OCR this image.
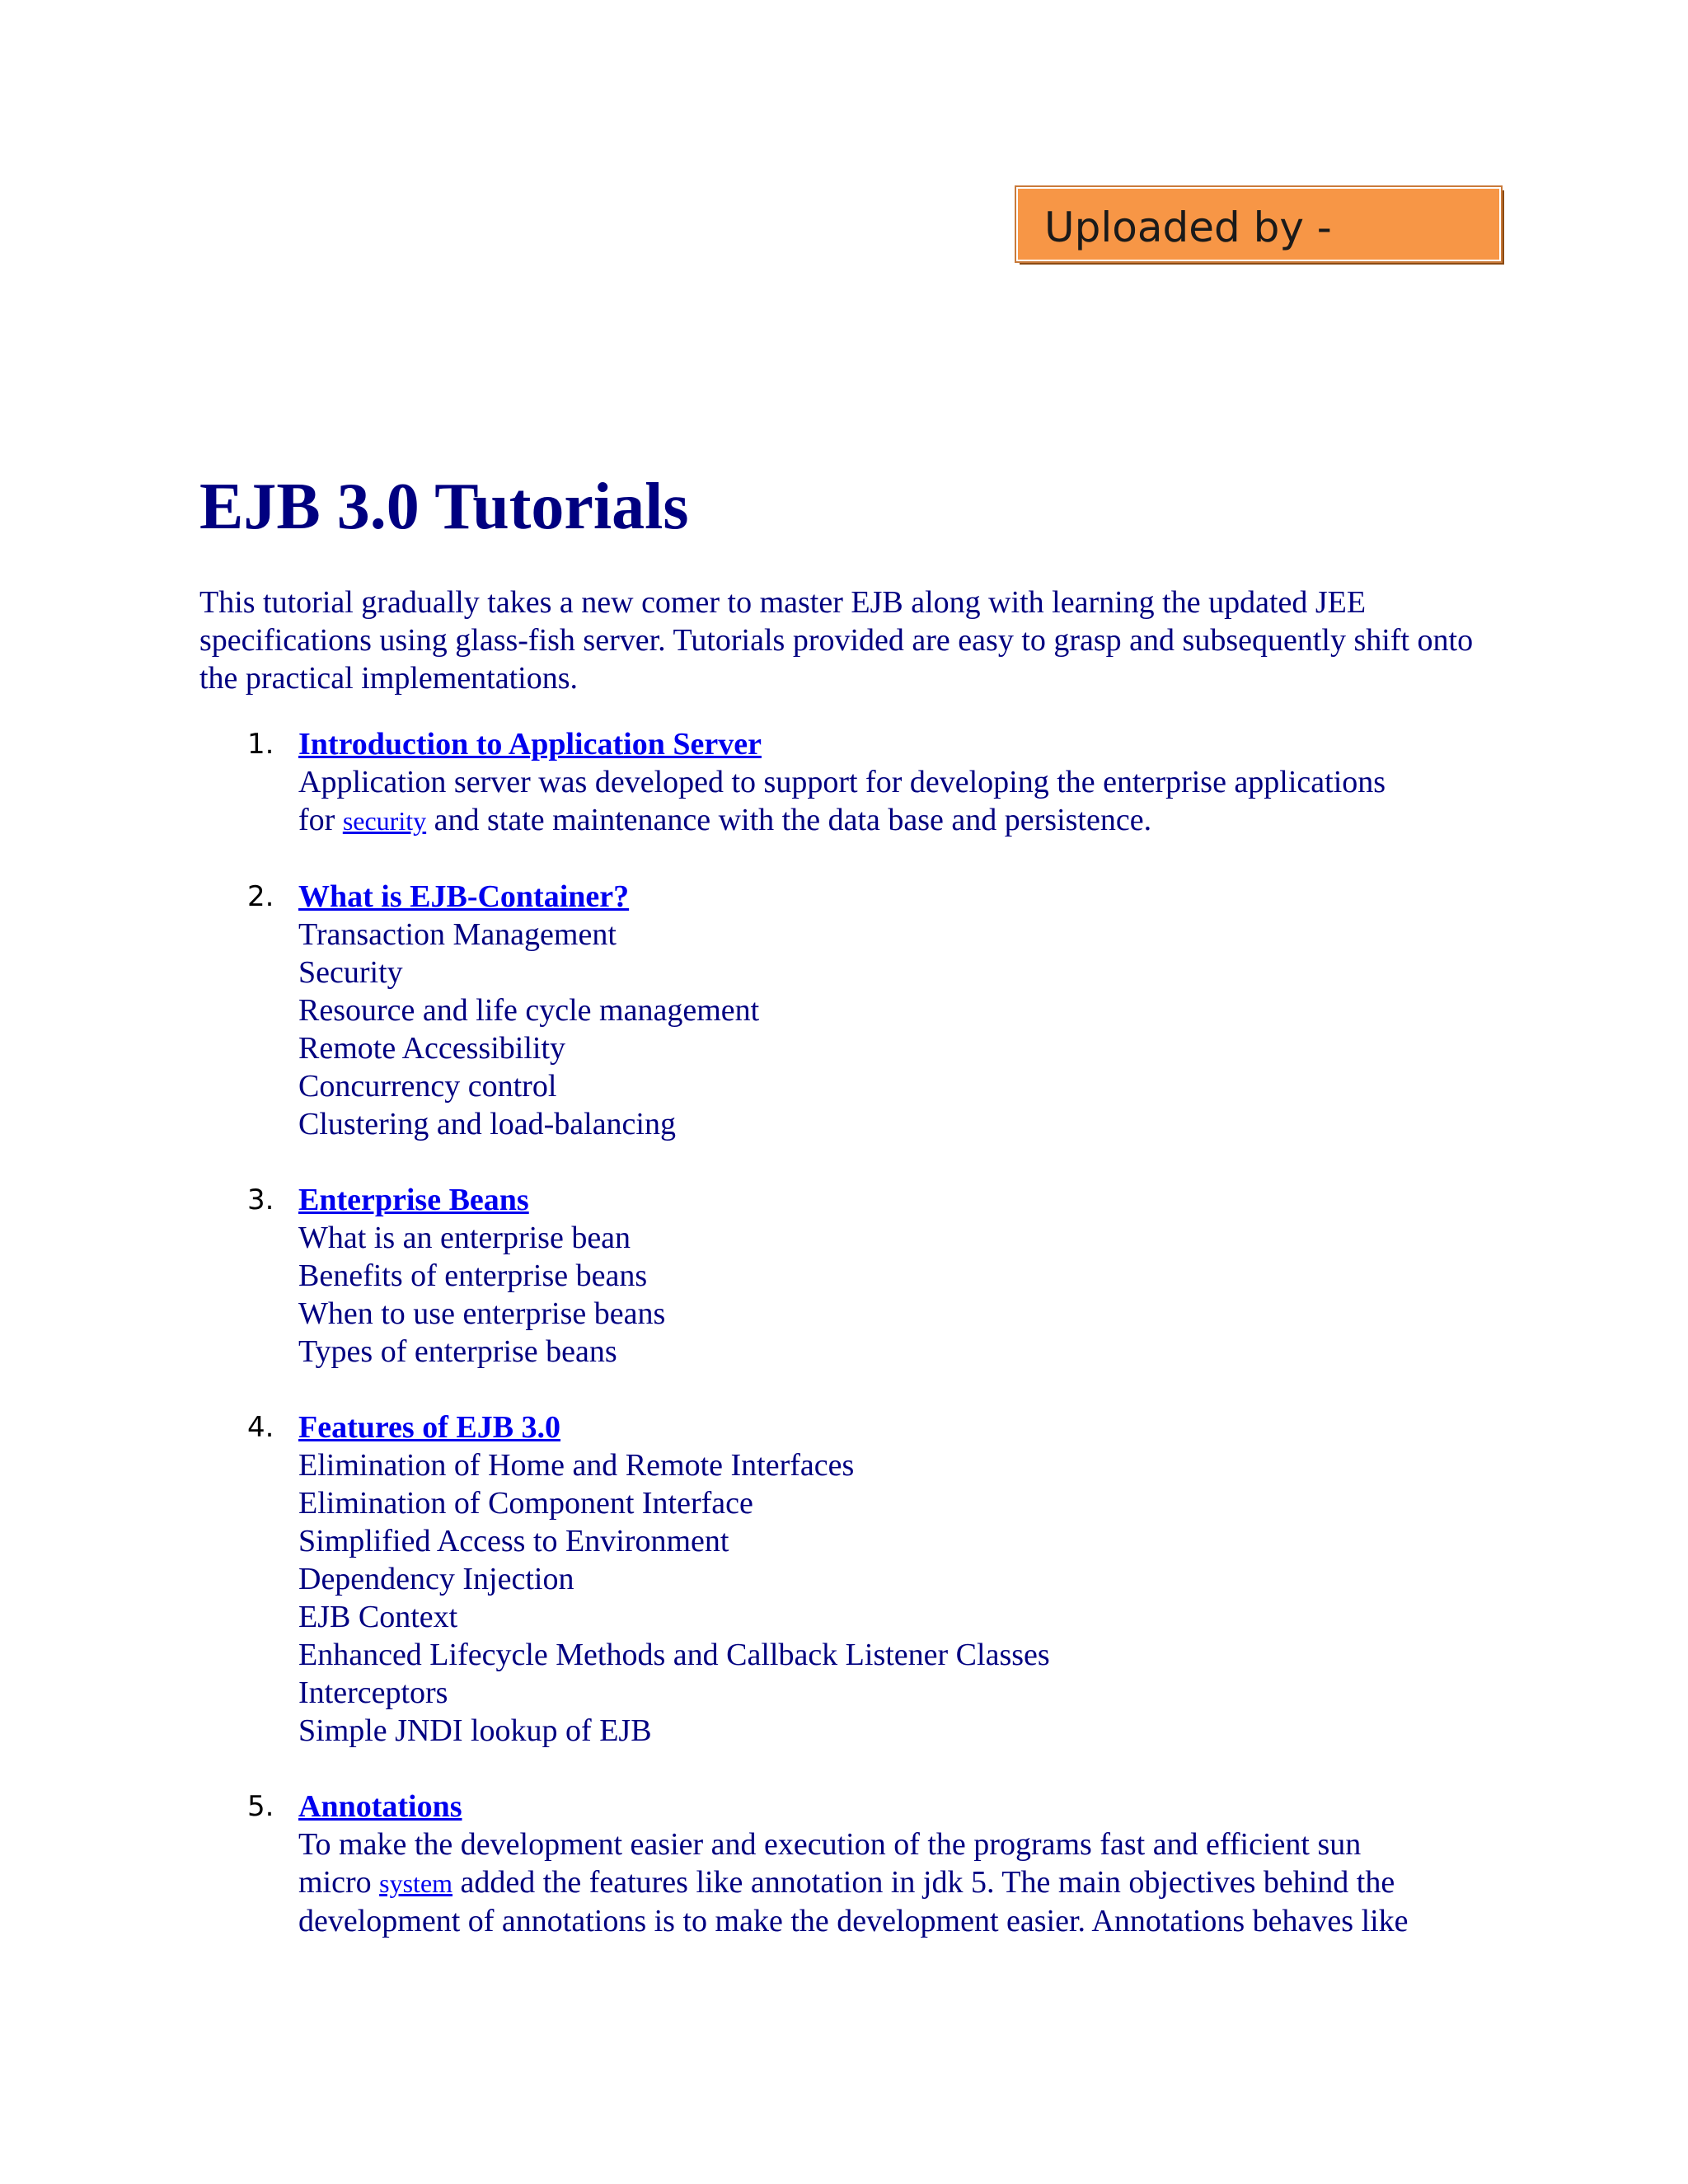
Uploaded by -
EJB 3.0 Tutorials

This tutorial gradually takes a new comer to master EJB along with learning the updated JEE specifications using glass-fish server. Tutorials provided are easy to grasp and subsequently shift onto the practical implementations.

1. Introduction to Application Server
Application server was developed to support for developing the enterprise applications
for security and state maintenance with the data base and persistence.
2. What is EJB-Container?
Transaction Management
Security
Resource and life cycle management
Remote Accessibility
Concurrency control
Clustering and load-balancing
3. Enterprise Beans
What is an enterprise bean
Benefits of enterprise beans
When to use enterprise beans
Types of enterprise beans
4. Features of EJB 3.0
Elimination of Home and Remote Interfaces
Elimination of Component Interface
Simplified Access to Environment
Dependency Injection
EJB Context
Enhanced Lifecycle Methods and Callback Listener Classes
Interceptors
Simple JNDI lookup of EJB
5. Annotations
To make the development easier and execution of the programs fast and efficient sun
micro system added the features like annotation in jdk 5. The main objectives behind the
development of annotations is to make the development easier. Annotations behaves like
